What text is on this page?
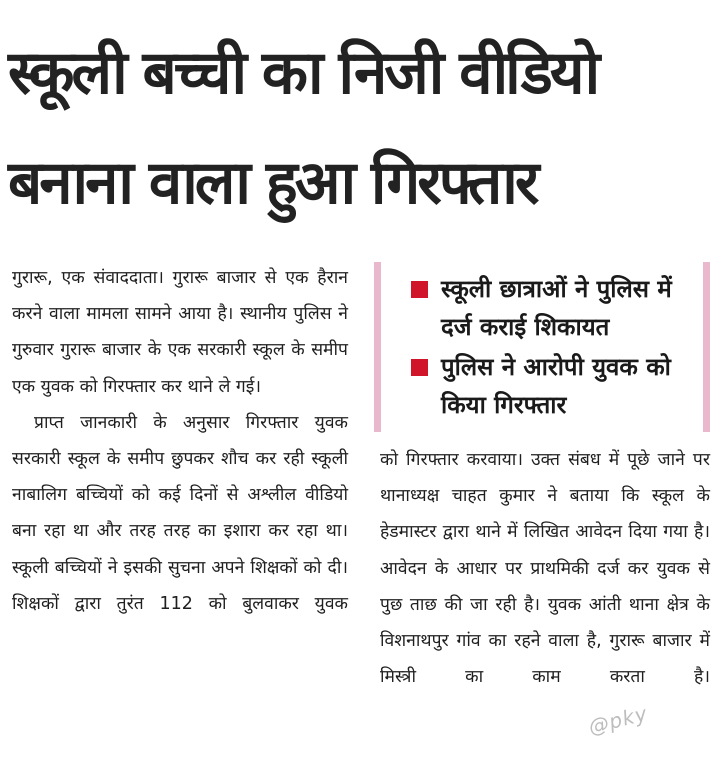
स्कूली बच्ची का निजी वीडियो
बनाना वाला हुआ गिरफ्तार

गुरारू, एक संवाददाता। गुरारू बाजार से एक हैरान करने वाला मामला सामने आया है। स्थानीय पुलिस ने गुरुवार गुरारू बाजार के एक सरकारी स्कूल के समीप एक युवक को गिरफ्तार कर थाने ले गई।

प्राप्त जानकारी के अनुसार गिरफ्तार युवक सरकारी स्कूल के समीप छुपकर शौच कर रही स्कूली नाबालिग बच्चियों को कई दिनों से अश्लील वीडियो बना रहा था और तरह तरह का इशारा कर रहा था। स्कूली बच्चियों ने इसकी सुचना अपने शिक्षकों को दी। शिक्षकों द्वारा तुरंत 112 को बुलवाकर युवक

स्कूली छात्राओं ने पुलिस में दर्ज कराई शिकायत
पुलिस ने आरोपी युवक को किया गिरफ्तार

को गिरफ्तार करवाया। उक्त संबध में पूछे जाने पर थानाध्यक्ष चाहत कुमार ने बताया कि स्कूल के हेडमास्टर द्वारा थाने में लिखित आवेदन दिया गया है। आवेदन के आधार पर प्राथमिकी दर्ज कर युवक से पुछ ताछ की जा रही है। युवक आंती थाना क्षेत्र के विशनाथपुर गांव का रहने वाला है, गुरारू बाजार में मिस्त्री का काम करता है।

@pky
